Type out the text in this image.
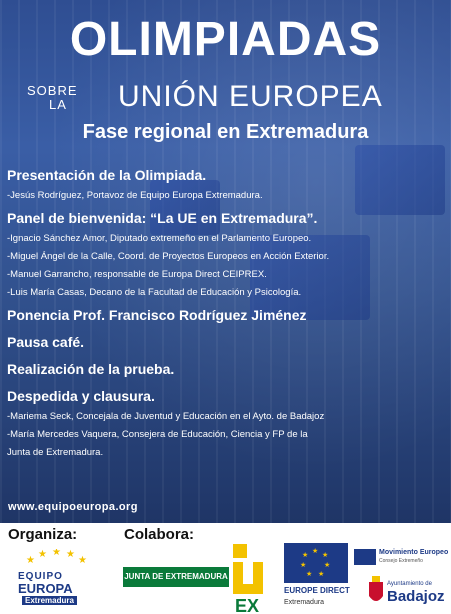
OLIMPIADAS
SOBRE
LA	UNIÓN EUROPEA
Fase regional en Extremadura

Presentación de la Olimpiada.

-Jesús Rodríguez, Portavoz de Equipo Europa Extremadura.

Panel de bienvenida: “La UE en Extremadura”.

-Ignacio Sánchez Amor, Diputado extremeño en el Parlamento Europeo.

-Miguel Ángel de la Calle, Coord. de Proyectos Europeos en Acción Exterior.

-Manuel Garrancho, responsable de Europa Direct CEIPREX.

-Luis María Casas, Decano de la Facultad de Educación y Psicología.

Ponencia Prof. Francisco Rodríguez Jiménez

Pausa café.

Realización de la prueba.

Despedida y clausura.

-Mariema Seck, Concejala de Juventud y Educación en el Ayto. de Badajoz

-María Mercedes Vaquera, Consejera de Educación, Ciencia y FP de la

Junta de Extremadura.

www.equipoeuropa.org
Organiza:	Colabora:
★
★ ★ ★
★
EQUIPO
EUROPA
Extremadura
JUNTA DE EXTREMADURA
EX
★
★
★
★
★
★
★
EUROPE DIRECT
Extremadura
Movimiento Europeo
Consejo Extremeño
Ayuntamiento de
Badajoz
